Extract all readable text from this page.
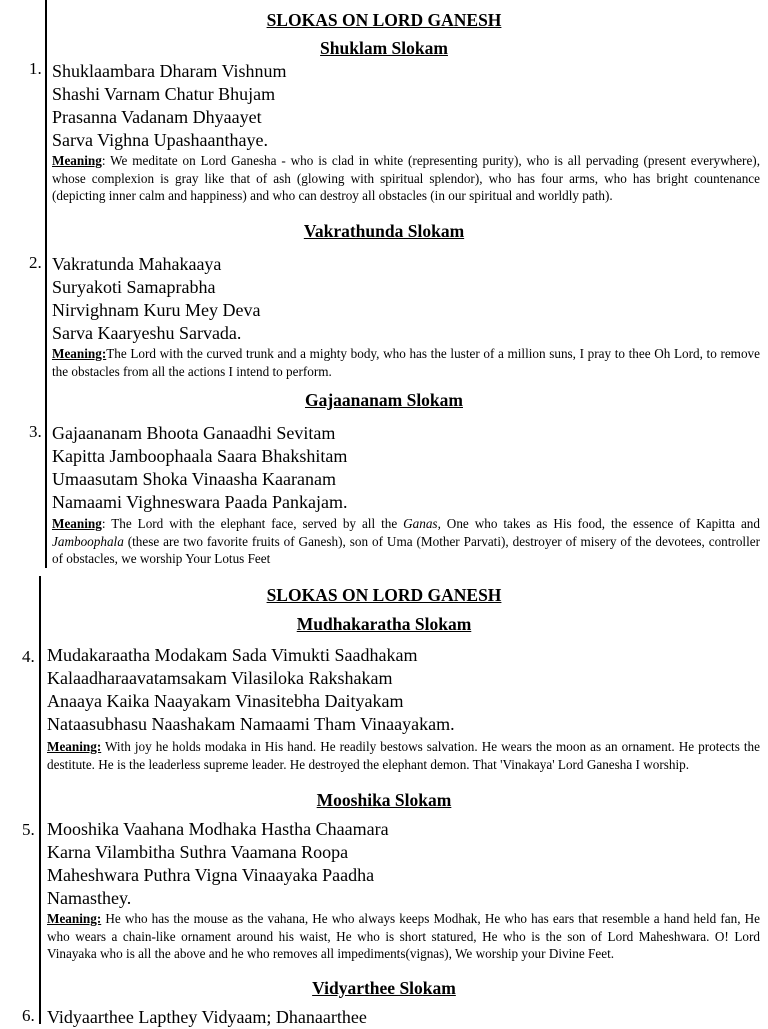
SLOKAS ON LORD GANESH
Shuklam Slokam
1. Shuklaambara Dharam Vishnum
Shashi Varnam Chatur Bhujam
Prasanna Vadanam Dhyaayet
Sarva Vighna Upashaanthaye.
Meaning: We meditate on Lord Ganesha - who is clad in white (representing purity), who is all pervading (present everywhere), whose complexion is gray like that of ash (glowing with spiritual splendor), who has four arms, who has bright countenance (depicting inner calm and happiness) and who can destroy all obstacles (in our spiritual and worldly path).
Vakrathunda Slokam
2. Vakratunda Mahakaaya
Suryakoti Samaprabha
Nirvighnam Kuru Mey Deva
Sarva Kaaryeshu Sarvada.
Meaning:The Lord with the curved trunk and a mighty body, who has the luster of a million suns, I pray to thee Oh Lord, to remove the obstacles from all the actions I intend to perform.
Gajaananam Slokam
3. Gajaananam Bhoota Ganaadhi Sevitam
Kapitta Jamboophaala Saara Bhakshitam
Umaasutam Shoka Vinaasha Kaaranam
Namaami Vighneswara Paada Pankajam.
Meaning: The Lord with the elephant face, served by all the Ganas, One who takes as His food, the essence of Kapitta and Jamboophala (these are two favorite fruits of Ganesh), son of Uma (Mother Parvati), destroyer of misery of the devotees, controller of obstacles, we worship Your Lotus Feet
SLOKAS ON LORD GANESH
Mudhakaratha Slokam
4. Mudakaraatha Modakam Sada Vimukti Saadhakam
Kalaadharaavatamsakam Vilasiloka Rakshakam
Anaaya Kaika Naayakam Vinasitebha Daityakam
Nataasubhasu Naashakam Namaami Tham Vinaayakam.
Meaning: With joy he holds modaka in His hand. He readily bestows salvation. He wears the moon as an ornament. He protects the destitute. He is the leaderless supreme leader. He destroyed the elephant demon. That 'Vinakaya' Lord Ganesha I worship.
Mooshika Slokam
5. Mooshika Vaahana Modhaka Hastha Chaamara
Karna Vilambitha Suthra Vaamana Roopa
Maheshwara Puthra Vigna Vinaayaka Paadha
Namasthey.
Meaning: He who has the mouse as the vahana, He who always keeps Modhak, He who has ears that resemble a hand held fan, He who wears a chain-like ornament around his waist, He who is short statured, He who is the son of Lord Maheshwara. O! Lord Vinayaka who is all the above and he who removes all impediments(vignas), We worship your Divine Feet.
Vidyarthee Slokam
6. Vidyaarthee Lapthey Vidyaam; Dhanaarthee
